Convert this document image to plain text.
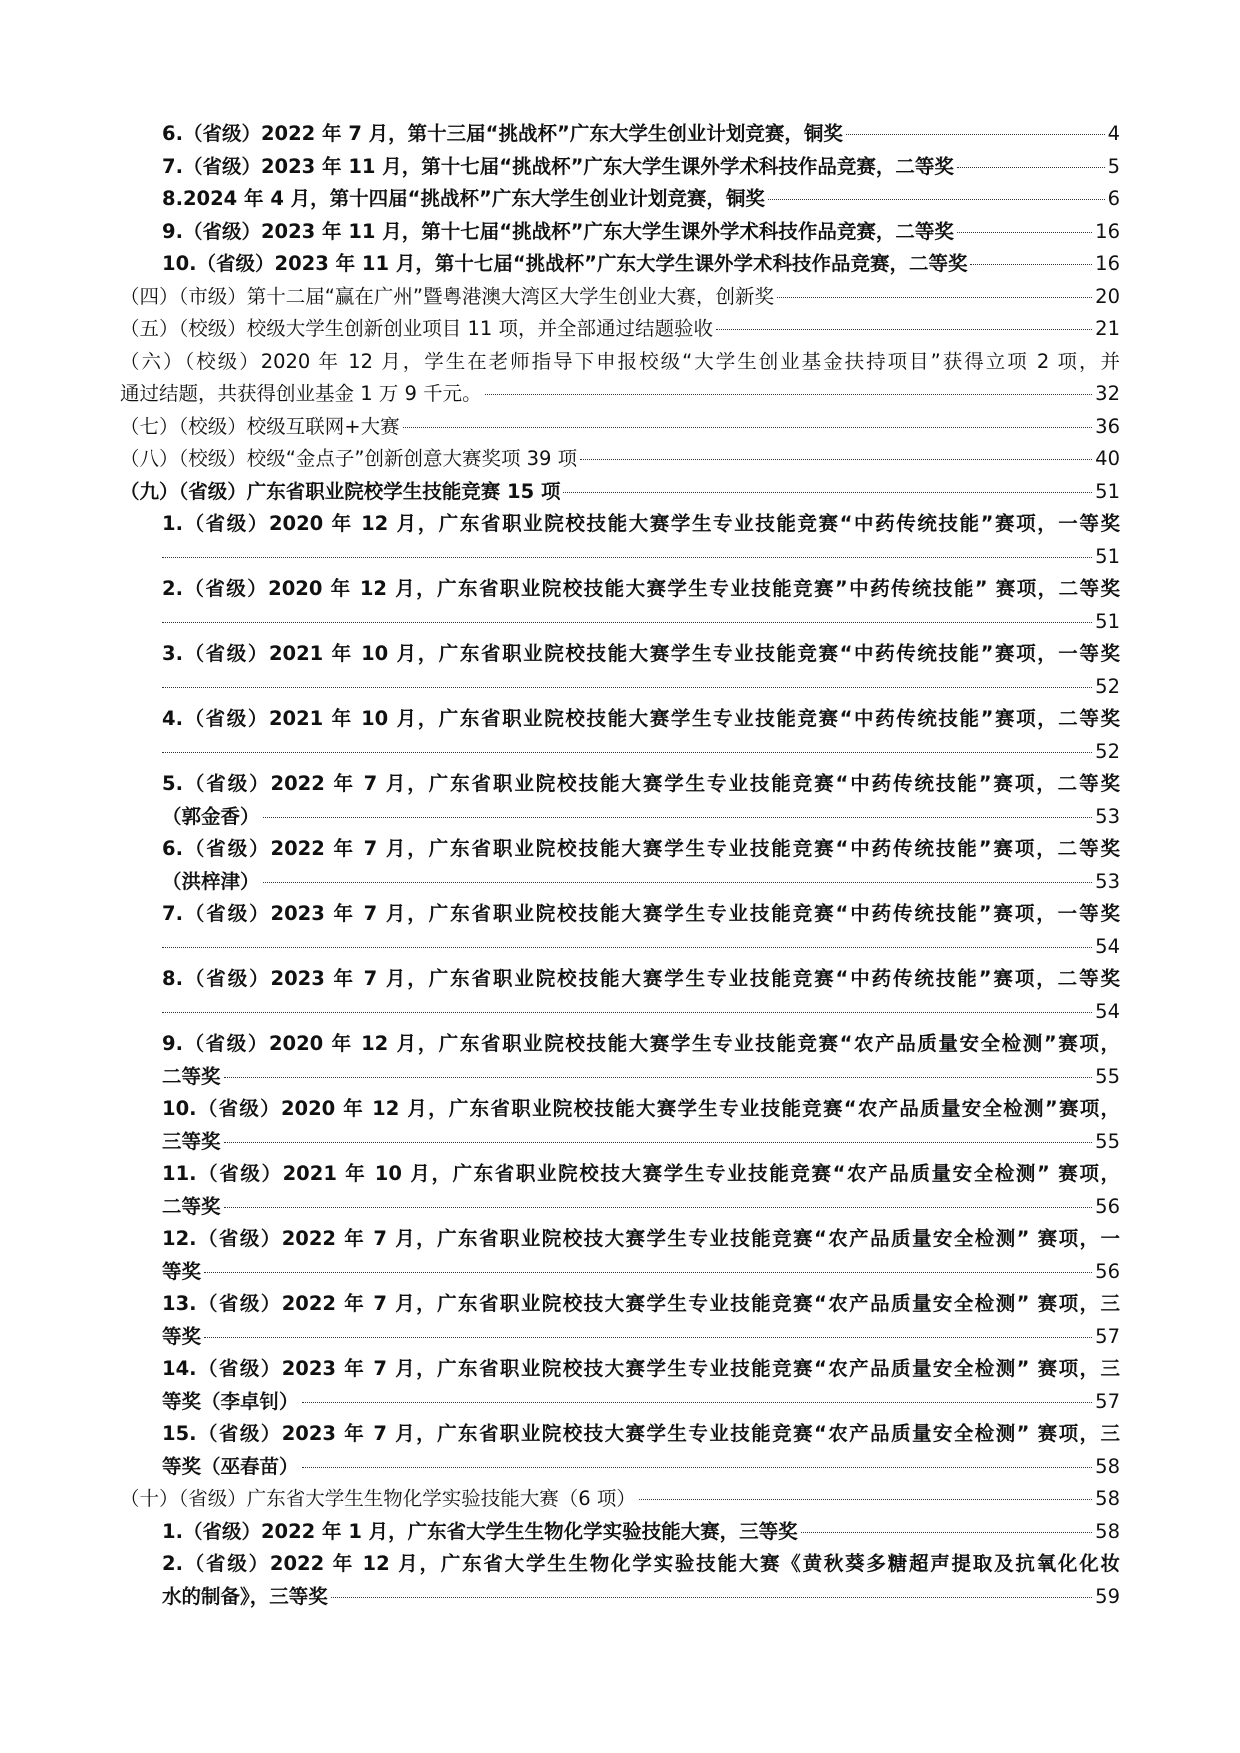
6.（省级）2022 年 7 月，第十三届“挑战杯”广东大学生创业计划竞赛，铜奖	4
7.（省级）2023 年 11 月，第十七届“挑战杯”广东大学生课外学术科技作品竞赛，二等奖	5
8.2024 年 4 月，第十四届“挑战杯”广东大学生创业计划竞赛，铜奖	6
9.（省级）2023 年 11 月，第十七届“挑战杯”广东大学生课外学术科技作品竞赛，二等奖	16
10.（省级）2023 年 11 月，第十七届“挑战杯”广东大学生课外学术科技作品竞赛，二等奖	16
（四）（市级）第十二届“赢在广州”暨粤港澳大湾区大学生创业大赛，创新奖	20
（五）（校级）校级大学生创新创业项目 11 项，并全部通过结题验收	21
（六）（校级）2020 年 12 月，学生在老师指导下申报校级“大学生创业基金扶持项目”获得立项 2 项，并
通过结题，共获得创业基金 1 万 9 千元。	32
（七）（校级）校级互联网+大赛	36
（八）（校级）校级“金点子”创新创意大赛奖项 39 项	40
（九）（省级）广东省职业院校学生技能竞赛 15 项	51
1.（省级）2020 年 12 月，广东省职业院校技能大赛学生专业技能竞赛“中药传统技能”赛项，一等奖
51
2.（省级）2020 年 12 月，广东省职业院校技能大赛学生专业技能竞赛”中药传统技能” 赛项，二等奖
51
3.（省级）2021 年 10 月，广东省职业院校技能大赛学生专业技能竞赛“中药传统技能”赛项，一等奖
52
4.（省级）2021 年 10 月，广东省职业院校技能大赛学生专业技能竞赛“中药传统技能”赛项，二等奖
52
5.（省级）2022 年 7 月，广东省职业院校技能大赛学生专业技能竞赛“中药传统技能”赛项，二等奖
（郭金香）	53
6.（省级）2022 年 7 月，广东省职业院校技能大赛学生专业技能竞赛“中药传统技能”赛项，二等奖
（洪梓津）	53
7.（省级）2023 年 7 月，广东省职业院校技能大赛学生专业技能竞赛“中药传统技能”赛项，一等奖
54
8.（省级）2023 年 7 月，广东省职业院校技能大赛学生专业技能竞赛“中药传统技能”赛项，二等奖
54
9.（省级）2020 年 12 月，广东省职业院校技能大赛学生专业技能竞赛“农产品质量安全检测”赛项，
二等奖	55
10.（省级）2020 年 12 月，广东省职业院校技能大赛学生专业技能竞赛“农产品质量安全检测”赛项，
三等奖	55
11.（省级）2021 年 10 月，广东省职业院校技大赛学生专业技能竞赛“农产品质量安全检测” 赛项，
二等奖	56
12.（省级）2022 年 7 月，广东省职业院校技大赛学生专业技能竞赛“农产品质量安全检测” 赛项，一
等奖	56
13.（省级）2022 年 7 月，广东省职业院校技大赛学生专业技能竞赛“农产品质量安全检测” 赛项，三
等奖	57
14.（省级）2023 年 7 月，广东省职业院校技大赛学生专业技能竞赛“农产品质量安全检测” 赛项，三
等奖（李卓钊）	57
15.（省级）2023 年 7 月，广东省职业院校技大赛学生专业技能竞赛“农产品质量安全检测” 赛项，三
等奖（巫春苗）	58
（十）（省级）广东省大学生生物化学实验技能大赛（6 项）	58
1.（省级）2022 年 1 月，广东省大学生生物化学实验技能大赛，三等奖	58
2.（省级）2022 年 12 月，广东省大学生生物化学实验技能大赛《黄秋葵多糖超声提取及抗氧化化妆
水的制备》，三等奖	59
